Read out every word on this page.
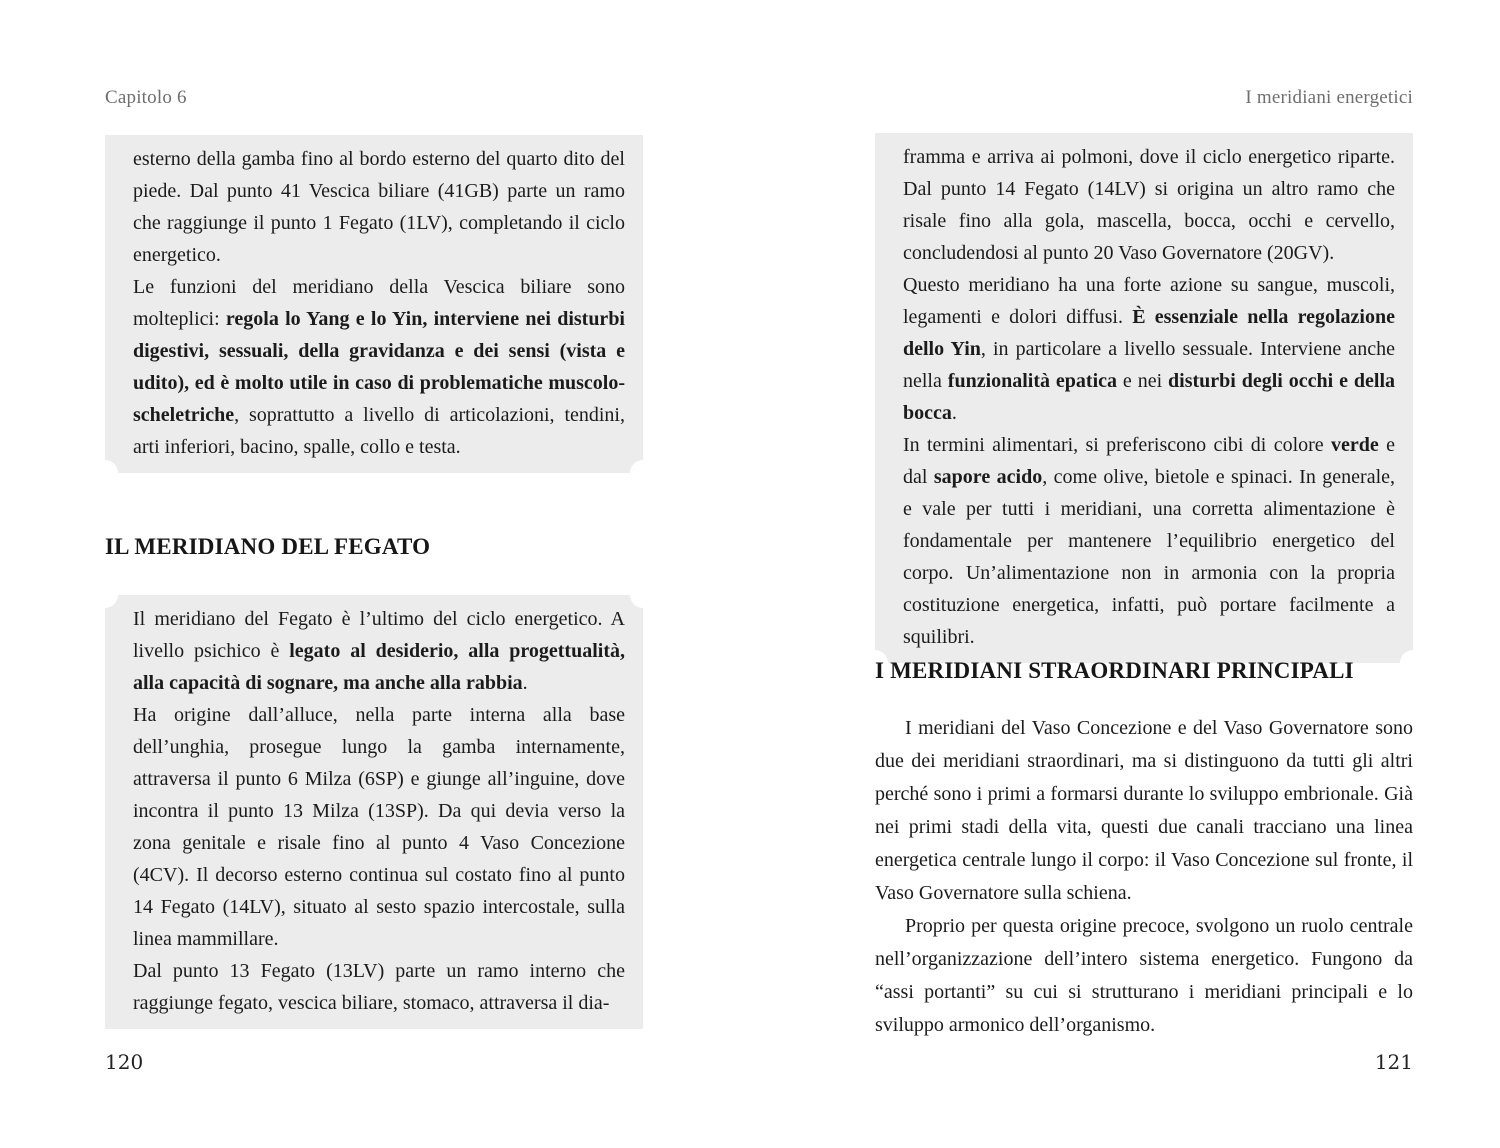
Capitolo 6

esterno della gamba fino al bordo esterno del quarto dito del piede. Dal punto 41 Vescica biliare (41GB) parte un ramo che raggiunge il punto 1 Fegato (1LV), completando il ciclo energetico.

Le funzioni del meridiano della Vescica biliare sono molteplici: regola lo Yang e lo Yin, interviene nei disturbi digestivi, sessuali, della gravidanza e dei sensi (vista e udito), ed è molto utile in caso di problematiche muscolo-scheletriche, soprattutto a livello di articolazioni, tendini, arti inferiori, bacino, spalle, collo e testa.

IL MERIDIANO DEL FEGATO

Il meridiano del Fegato è l’ultimo del ciclo energetico. A livello psichico è legato al desiderio, alla progettualità, alla capacità di sognare, ma anche alla rabbia.

Ha origine dall’alluce, nella parte interna alla base dell’unghia, prosegue lungo la gamba internamente, attraversa il punto 6 Milza (6SP) e giunge all’inguine, dove incontra il punto 13 Milza (13SP). Da qui devia verso la zona genitale e risale fino al punto 4 Vaso Concezione (4CV). Il decorso esterno continua sul costato fino al punto 14 Fegato (14LV), situato al sesto spazio intercostale, sulla linea mammillare.

Dal punto 13 Fegato (13LV) parte un ramo interno che raggiunge fegato, vescica biliare, stomaco, attraversa il dia-

120
I meridiani energetici

framma e arriva ai polmoni, dove il ciclo energetico riparte. Dal punto 14 Fegato (14LV) si origina un altro ramo che risale fino alla gola, mascella, bocca, occhi e cervello, concludendosi al punto 20 Vaso Governatore (20GV).

Questo meridiano ha una forte azione su sangue, muscoli, legamenti e dolori diffusi. È essenziale nella regolazione dello Yin, in particolare a livello sessuale. Interviene anche nella funzionalità epatica e nei disturbi degli occhi e della bocca.

In termini alimentari, si preferiscono cibi di colore verde e dal sapore acido, come olive, bietole e spinaci. In generale, e vale per tutti i meridiani, una corretta alimentazione è fondamentale per mantenere l’equilibrio energetico del corpo. Un’alimentazione non in armonia con la propria costituzione energetica, infatti, può portare facilmente a squilibri.

I MERIDIANI STRAORDINARI PRINCIPALI

I meridiani del Vaso Concezione e del Vaso Governatore sono due dei meridiani straordinari, ma si distinguono da tutti gli altri perché sono i primi a formarsi durante lo sviluppo embrionale. Già nei primi stadi della vita, questi due canali tracciano una linea energetica centrale lungo il corpo: il Vaso Concezione sul fronte, il Vaso Governatore sulla schiena.

Proprio per questa origine precoce, svolgono un ruolo centrale nell’organizzazione dell’intero sistema energetico. Fungono da “assi portanti” su cui si strutturano i meridiani principali e lo sviluppo armonico dell’organismo.

121
